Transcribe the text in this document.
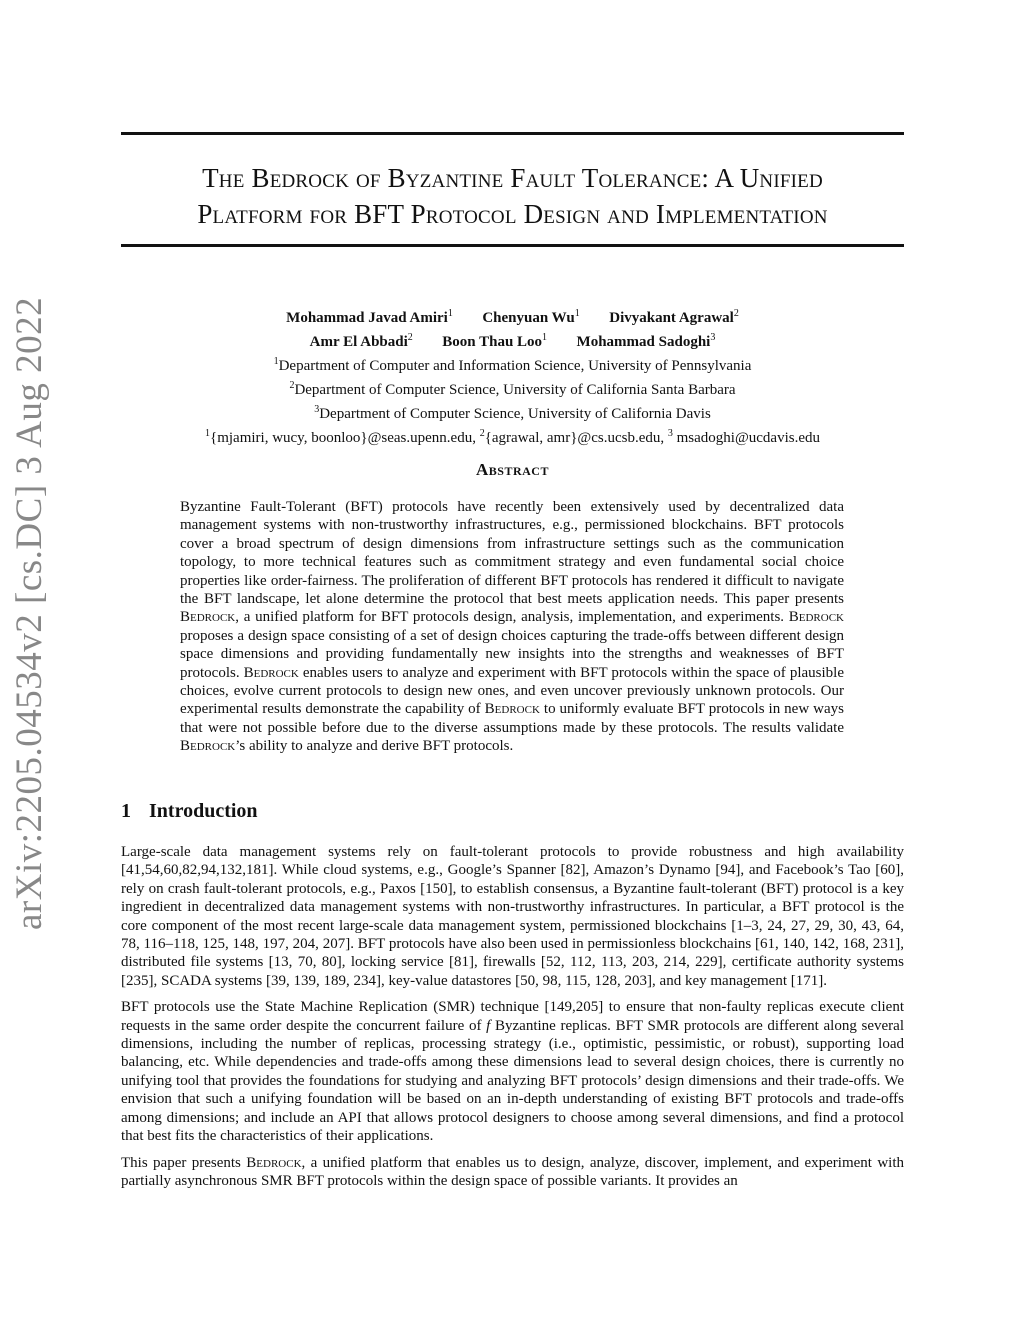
The Bedrock of Byzantine Fault Tolerance: A Unified
Platform for BFT Protocol Design and Implementation
arXiv:2205.04534v2 [cs.DC] 3 Aug 2022	Mohammad Javad Amiri$^1$ Chenyuan Wu$^1$ Divyakant Agrawal$^2$
Amr El Abbadi$^2$ Boon Thau Loo$^1$ Mohammad Sadoghi$^3$
$^1$Department of Computer and Information Science, University of Pennsylvania
$^2$Department of Computer Science, University of California Santa Barbara
$^3$Department of Computer Science, University of California Davis
$^1${mjamiri, wucy, boonloo}@seas.upenn.edu, $^2${agrawal, amr}@cs.ucsb.edu, $^3$ msadoghi@ucdavis.edu
Abstract
Byzantine Fault-Tolerant (BFT) protocols have recently been extensively used by decentralized data management systems with non-trustworthy infrastructures, e.g., permissioned blockchains. BFT protocols cover a broad spectrum of design dimensions from infrastructure settings such as the communication topology, to more technical features such as commitment strategy and even fundamental social choice properties like order-fairness. The proliferation of different BFT protocols has rendered it difficult to navigate the BFT landscape, let alone determine the protocol that best meets application needs. This paper presents Bedrock, a unified platform for BFT protocols design, analysis, implementation, and experiments. Bedrock proposes a design space consisting of a set of design choices capturing the trade-offs between different design space dimensions and providing fundamentally new insights into the strengths and weaknesses of BFT protocols. Bedrock enables users to analyze and experiment with BFT protocols within the space of plausible choices, evolve current protocols to design new ones, and even uncover previously unknown protocols. Our experimental results demonstrate the capability of Bedrock to uniformly evaluate BFT protocols in new ways that were not possible before due to the diverse assumptions made by these protocols. The results validate Bedrock’s ability to analyze and derive BFT protocols.
1 Introduction

Large-scale data management systems rely on fault-tolerant protocols to provide robustness and high availability [41,54,60,82,94,132,181]. While cloud systems, e.g., Google’s Spanner [82], Amazon’s Dynamo [94], and Facebook’s Tao [60], rely on crash fault-tolerant protocols, e.g., Paxos [150], to establish consensus, a Byzantine fault-tolerant (BFT) protocol is a key ingredient in decentralized data management systems with non-trustworthy infrastructures. In particular, a BFT protocol is the core component of the most recent large-scale data management system, permissioned blockchains [1–3, 24, 27, 29, 30, 43, 64, 78, 116–118, 125, 148, 197, 204, 207]. BFT protocols have also been used in permissionless blockchains [61, 140, 142, 168, 231], distributed file systems [13, 70, 80], locking service [81], firewalls [52, 112, 113, 203, 214, 229], certificate authority systems [235], SCADA systems [39, 139, 189, 234], key-value datastores [50, 98, 115, 128, 203], and key management [171].

BFT protocols use the State Machine Replication (SMR) technique [149,205] to ensure that non-faulty replicas execute client requests in the same order despite the concurrent failure of f Byzantine replicas. BFT SMR protocols are different along several dimensions, including the number of replicas, processing strategy (i.e., optimistic, pessimistic, or robust), supporting load balancing, etc. While dependencies and trade-offs among these dimensions lead to several design choices, there is currently no unifying tool that provides the foundations for studying and analyzing BFT protocols’ design dimensions and their trade-offs. We envision that such a unifying foundation will be based on an in-depth understanding of existing BFT protocols and trade-offs among dimensions; and include an API that allows protocol designers to choose among several dimensions, and find a protocol that best fits the characteristics of their applications.

This paper presents Bedrock, a unified platform that enables us to design, analyze, discover, implement, and experiment with partially asynchronous SMR BFT protocols within the design space of possible variants. It provides an
